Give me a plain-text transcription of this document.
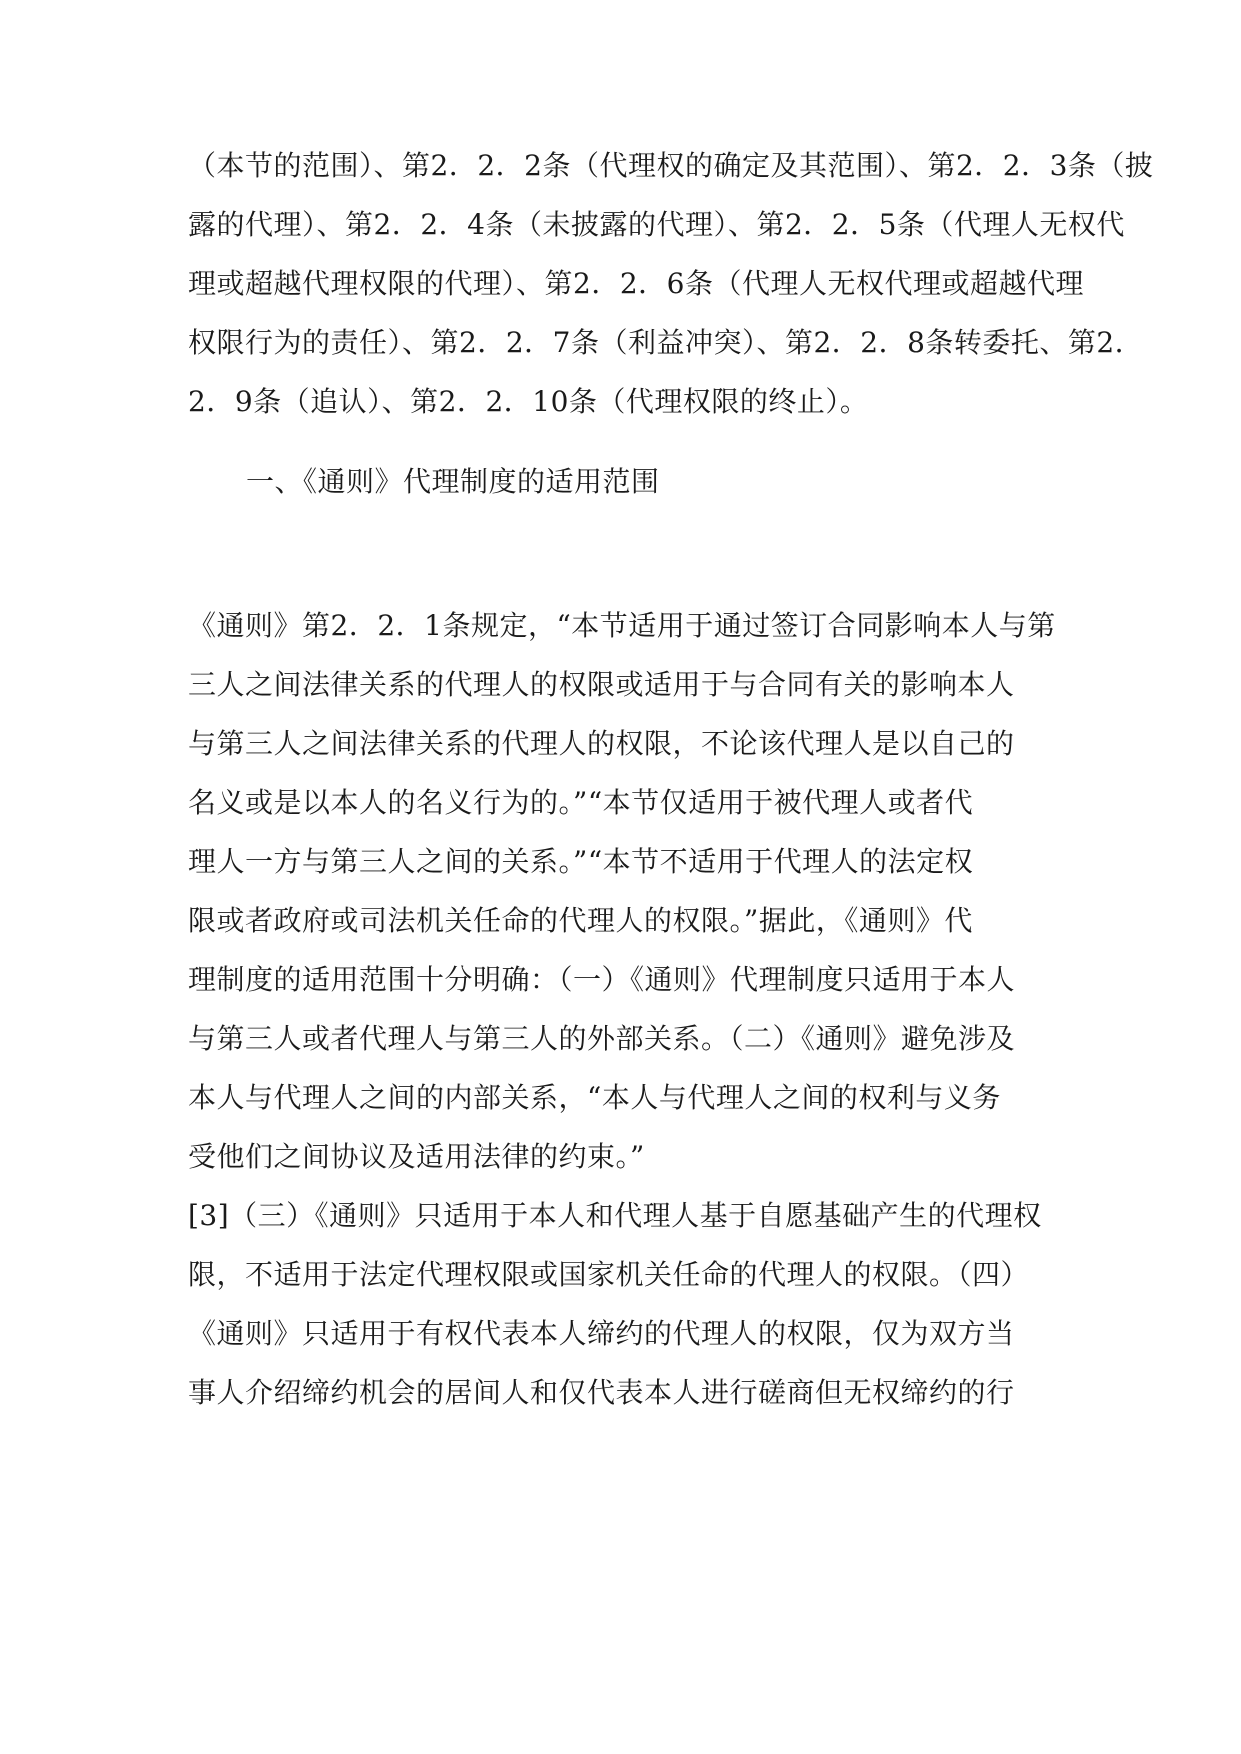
（本节的范围）、第2．2．2条（代理权的确定及其范围）、第2．2．3条（披
露的代理）、第2．2．4条（未披露的代理）、第2．2．5条（代理人无权代
理或超越代理权限的代理）、第2．2．6条（代理人无权代理或超越代理
权限行为的责任）、第2．2．7条（利益冲突）、第2．2．8条转委托、第2．
2．9条（追认）、第2．2．10条（代理权限的终止）。
一、《通则》代理制度的适用范围
《通则》第2．2．1条规定，“本节适用于通过签订合同影响本人与第
三人之间法律关系的代理人的权限或适用于与合同有关的影响本人
与第三人之间法律关系的代理人的权限，不论该代理人是以自己的
名义或是以本人的名义行为的。”“本节仅适用于被代理人或者代
理人一方与第三人之间的关系。”“本节不适用于代理人的法定权
限或者政府或司法机关任命的代理人的权限。”据此，《通则》代
理制度的适用范围十分明确：（一）《通则》代理制度只适用于本人
与第三人或者代理人与第三人的外部关系。（二）《通则》避免涉及
本人与代理人之间的内部关系，“本人与代理人之间的权利与义务
受他们之间协议及适用法律的约束。”
[3]（三）《通则》只适用于本人和代理人基于自愿基础产生的代理权
限，不适用于法定代理权限或国家机关任命的代理人的权限。（四）
《通则》只适用于有权代表本人缔约的代理人的权限，仅为双方当
事人介绍缔约机会的居间人和仅代表本人进行磋商但无权缔约的行
